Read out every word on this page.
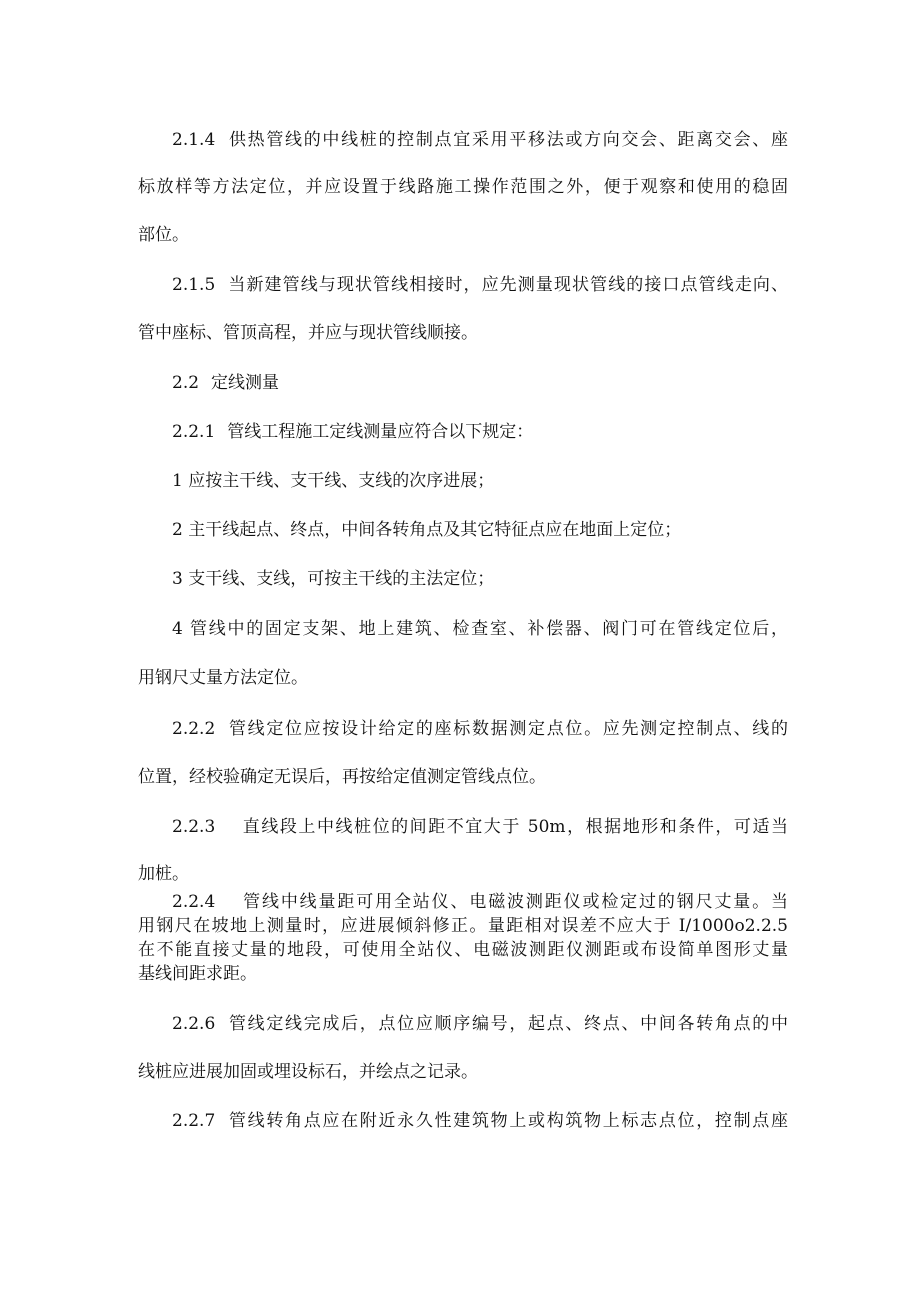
2.1.4 供热管线的中线桩的控制点宜采用平移法或方向交会、距离交会、座
标放样等方法定位，并应设置于线路施工操作范围之外，便于观察和使用的稳固
部位。
2.1.5 当新建管线与现状管线相接时，应先测量现状管线的接口点管线走向、
管中座标、管顶高程，并应与现状管线顺接。
2.2 定线测量
2.2.1 管线工程施工定线测量应符合以下规定：
1 应按主干线、支干线、支线的次序进展；
2 主干线起点、终点，中间各转角点及其它特征点应在地面上定位；
3 支干线、支线，可按主干线的主法定位；
4 管线中的固定支架、地上建筑、检查室、补偿器、阀门可在管线定位后，
用钢尺丈量方法定位。
2.2.2 管线定位应按设计给定的座标数据测定点位。应先测定控制点、线的
位置，经校验确定无误后，再按给定值测定管线点位。
2.2.3 直线段上中线桩位的间距不宜大于 50m，根据地形和条件，可适当
加桩。
2.2.4 管线中线量距可用全站仪、电磁波测距仪或检定过的钢尺丈量。当
用钢尺在坡地上测量时，应进展倾斜修正。量距相对误差不应大于 I/1000o2.2.5
在不能直接丈量的地段，可使用全站仪、电磁波测距仪测距或布设简单图形丈量
基线间距求距。
2.2.6 管线定线完成后，点位应顺序编号，起点、终点、中间各转角点的中
线桩应进展加固或埋设标石，并绘点之记录。
2.2.7 管线转角点应在附近永久性建筑物上或构筑物上标志点位，控制点座
